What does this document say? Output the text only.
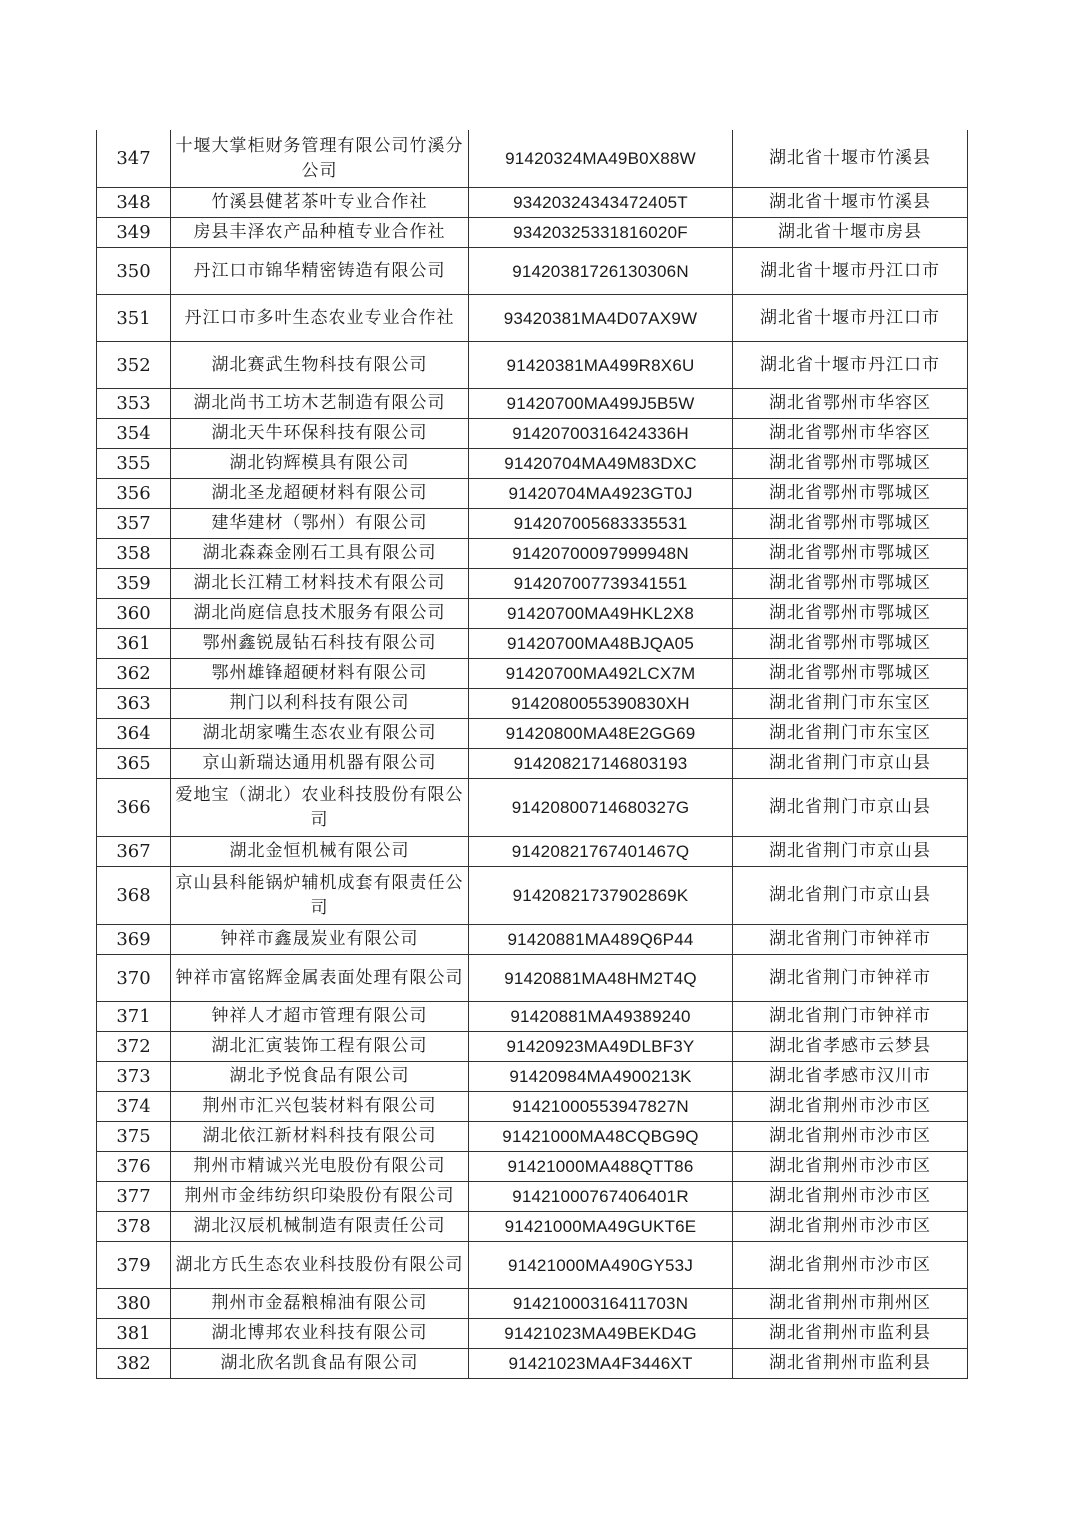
347	十堰大掌柜财务管理有限公司竹溪分公司	91420324MA49B0X88W	湖北省十堰市竹溪县
348	竹溪县健茗茶叶专业合作社	93420324343472405T	湖北省十堰市竹溪县
349	房县丰泽农产品种植专业合作社	93420325331816020F	湖北省十堰市房县
350	丹江口市锦华精密铸造有限公司	91420381726130306N	湖北省十堰市丹江口市
351	丹江口市多叶生态农业专业合作社	93420381MA4D07AX9W	湖北省十堰市丹江口市
352	湖北赛武生物科技有限公司	91420381MA499R8X6U	湖北省十堰市丹江口市
353	湖北尚书工坊木艺制造有限公司	91420700MA499J5B5W	湖北省鄂州市华容区
354	湖北天牛环保科技有限公司	91420700316424336H	湖北省鄂州市华容区
355	湖北钧辉模具有限公司	91420704MA49M83DXC	湖北省鄂州市鄂城区
356	湖北圣龙超硬材料有限公司	91420704MA4923GT0J	湖北省鄂州市鄂城区
357	建华建材（鄂州）有限公司	914207005683335531	湖北省鄂州市鄂城区
358	湖北森森金刚石工具有限公司	91420700097999948N	湖北省鄂州市鄂城区
359	湖北长江精工材料技术有限公司	914207007739341551	湖北省鄂州市鄂城区
360	湖北尚庭信息技术服务有限公司	91420700MA49HKL2X8	湖北省鄂州市鄂城区
361	鄂州鑫锐晟钻石科技有限公司	91420700MA48BJQA05	湖北省鄂州市鄂城区
362	鄂州雄锋超硬材料有限公司	91420700MA492LCX7M	湖北省鄂州市鄂城区
363	荆门以利科技有限公司	9142080055390830XH	湖北省荆门市东宝区
364	湖北胡家嘴生态农业有限公司	91420800MA48E2GG69	湖北省荆门市东宝区
365	京山新瑞达通用机器有限公司	914208217146803193	湖北省荆门市京山县
366	爱地宝（湖北）农业科技股份有限公司	91420800714680327G	湖北省荆门市京山县
367	湖北金恒机械有限公司	91420821767401467Q	湖北省荆门市京山县
368	京山县科能锅炉辅机成套有限责任公司	91420821737902869K	湖北省荆门市京山县
369	钟祥市鑫晟炭业有限公司	91420881MA489Q6P44	湖北省荆门市钟祥市
370	钟祥市富铭辉金属表面处理有限公司	91420881MA48HM2T4Q	湖北省荆门市钟祥市
371	钟祥人才超市管理有限公司	91420881MA49389240	湖北省荆门市钟祥市
372	湖北汇寅装饰工程有限公司	91420923MA49DLBF3Y	湖北省孝感市云梦县
373	湖北予悦食品有限公司	91420984MA4900213K	湖北省孝感市汉川市
374	荆州市汇兴包装材料有限公司	91421000553947827N	湖北省荆州市沙市区
375	湖北依江新材料科技有限公司	91421000MA48CQBG9Q	湖北省荆州市沙市区
376	荆州市精诚兴光电股份有限公司	91421000MA488QTT86	湖北省荆州市沙市区
377	荆州市金纬纺织印染股份有限公司	91421000767406401R	湖北省荆州市沙市区
378	湖北汉辰机械制造有限责任公司	91421000MA49GUKT6E	湖北省荆州市沙市区
379	湖北方氏生态农业科技股份有限公司	91421000MA490GY53J	湖北省荆州市沙市区
380	荆州市金磊粮棉油有限公司	91421000316411703N	湖北省荆州市荆州区
381	湖北博邦农业科技有限公司	91421023MA49BEKD4G	湖北省荆州市监利县
382	湖北欣名凯食品有限公司	91421023MA4F3446XT	湖北省荆州市监利县
